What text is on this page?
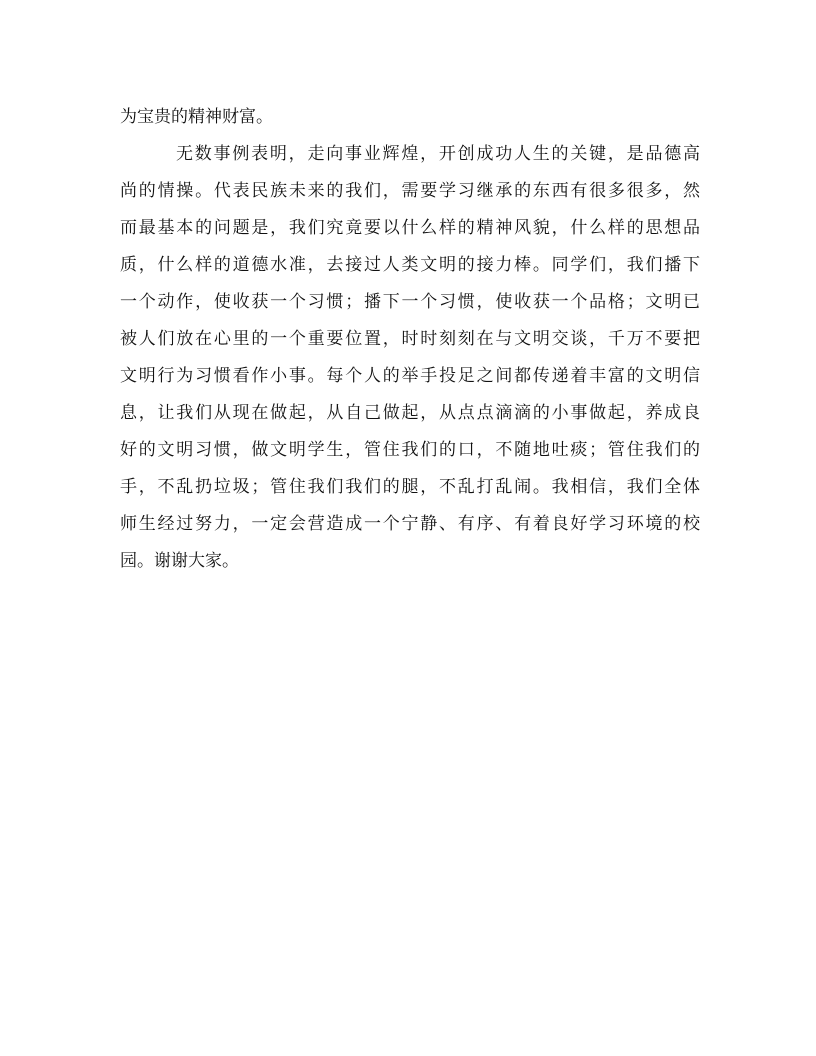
为宝贵的精神财富。
无数事例表明，走向事业辉煌，开创成功人生的关键，是品德高
尚的情操。代表民族未来的我们，需要学习继承的东西有很多很多，然
而最基本的问题是，我们究竟要以什么样的精神风貌，什么样的思想品
质，什么样的道德水准，去接过人类文明的接力棒。同学们，我们播下
一个动作，使收获一个习惯；播下一个习惯，使收获一个品格；文明已
被人们放在心里的一个重要位置，时时刻刻在与文明交谈，千万不要把
文明行为习惯看作小事。每个人的举手投足之间都传递着丰富的文明信
息，让我们从现在做起，从自己做起，从点点滴滴的小事做起，养成良
好的文明习惯，做文明学生，管住我们的口，不随地吐痰；管住我们的
手，不乱扔垃圾；管住我们我们的腿，不乱打乱闹。我相信，我们全体
师生经过努力，一定会营造成一个宁静、有序、有着良好学习环境的校
园。谢谢大家。
